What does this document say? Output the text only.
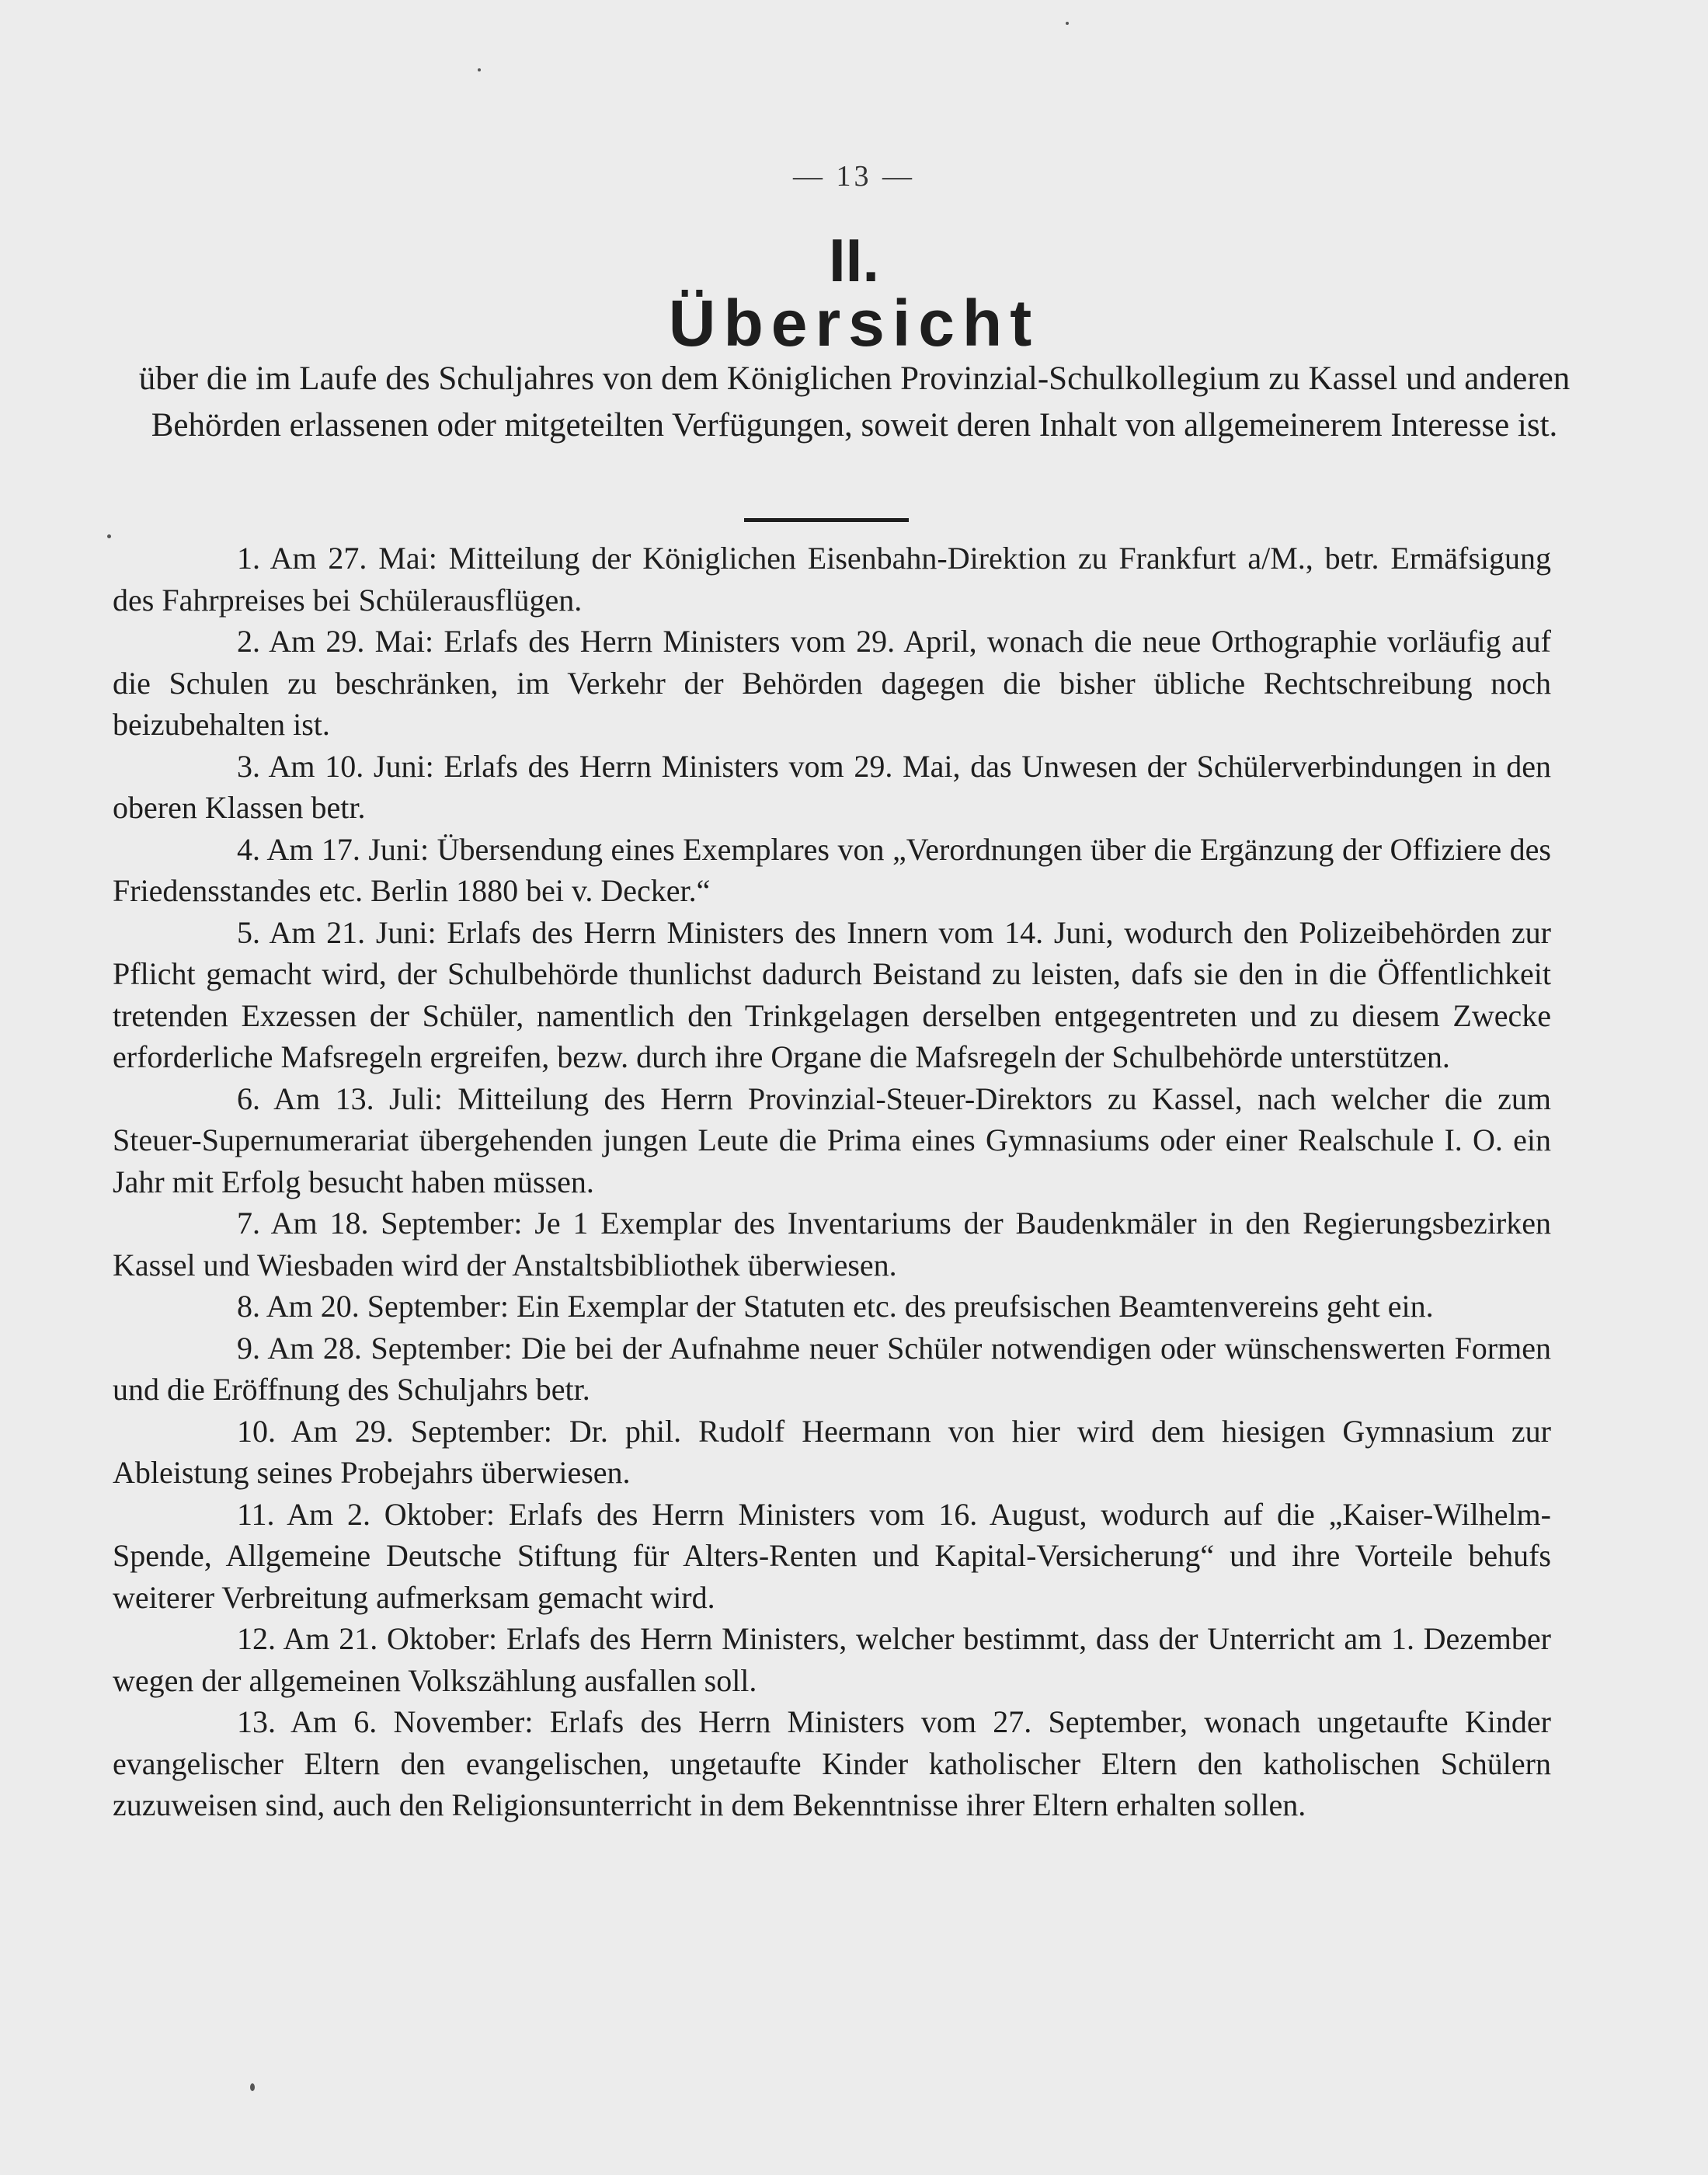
— 13 —
II.
Übersicht
über die im Laufe des Schuljahres von dem Königlichen Provinzial-Schulkollegium zu Kassel und anderen Behörden erlassenen oder mitgeteilten Verfügungen, soweit deren Inhalt von allgemeinerem Interesse ist.

1. Am 27. Mai: Mitteilung der Königlichen Eisenbahn-Direktion zu Frankfurt a/M., betr. Ermäfsigung des Fahrpreises bei Schülerausflügen.

2. Am 29. Mai: Erlafs des Herrn Ministers vom 29. April, wonach die neue Orthographie vorläufig auf die Schulen zu beschränken, im Verkehr der Behörden dagegen die bisher übliche Rechtschreibung noch beizubehalten ist.

3. Am 10. Juni: Erlafs des Herrn Ministers vom 29. Mai, das Unwesen der Schülerverbindungen in den oberen Klassen betr.

4. Am 17. Juni: Übersendung eines Exemplares von „Verordnungen über die Ergänzung der Offiziere des Friedensstandes etc. Berlin 1880 bei v. Decker.“

5. Am 21. Juni: Erlafs des Herrn Ministers des Innern vom 14. Juni, wodurch den Polizeibehörden zur Pflicht gemacht wird, der Schulbehörde thunlichst dadurch Beistand zu leisten, dafs sie den in die Öffentlichkeit tretenden Exzessen der Schüler, namentlich den Trinkgelagen derselben entgegentreten und zu diesem Zwecke erforderliche Mafsregeln ergreifen, bezw. durch ihre Organe die Mafsregeln der Schulbehörde unterstützen.

6. Am 13. Juli: Mitteilung des Herrn Provinzial-Steuer-Direktors zu Kassel, nach welcher die zum Steuer-Supernumerariat übergehenden jungen Leute die Prima eines Gymnasiums oder einer Realschule I. O. ein Jahr mit Erfolg besucht haben müssen.

7. Am 18. September: Je 1 Exemplar des Inventariums der Baudenkmäler in den Regierungsbezirken Kassel und Wiesbaden wird der Anstaltsbibliothek überwiesen.

8. Am 20. September: Ein Exemplar der Statuten etc. des preufsischen Beamtenvereins geht ein.

9. Am 28. September: Die bei der Aufnahme neuer Schüler notwendigen oder wünschenswerten Formen und die Eröffnung des Schuljahrs betr.

10. Am 29. September: Dr. phil. Rudolf Heermann von hier wird dem hiesigen Gymnasium zur Ableistung seines Probejahrs überwiesen.

11. Am 2. Oktober: Erlafs des Herrn Ministers vom 16. August, wodurch auf die „Kaiser-Wilhelm-Spende, Allgemeine Deutsche Stiftung für Alters-Renten und Kapital-Versicherung“ und ihre Vorteile behufs weiterer Verbreitung aufmerksam gemacht wird.

12. Am 21. Oktober: Erlafs des Herrn Ministers, welcher bestimmt, dass der Unterricht am 1. Dezember wegen der allgemeinen Volkszählung ausfallen soll.

13. Am 6. November: Erlafs des Herrn Ministers vom 27. September, wonach ungetaufte Kinder evangelischer Eltern den evangelischen, ungetaufte Kinder katholischer Eltern den katholischen Schülern zuzuweisen sind, auch den Religionsunterricht in dem Bekenntnisse ihrer Eltern erhalten sollen.
